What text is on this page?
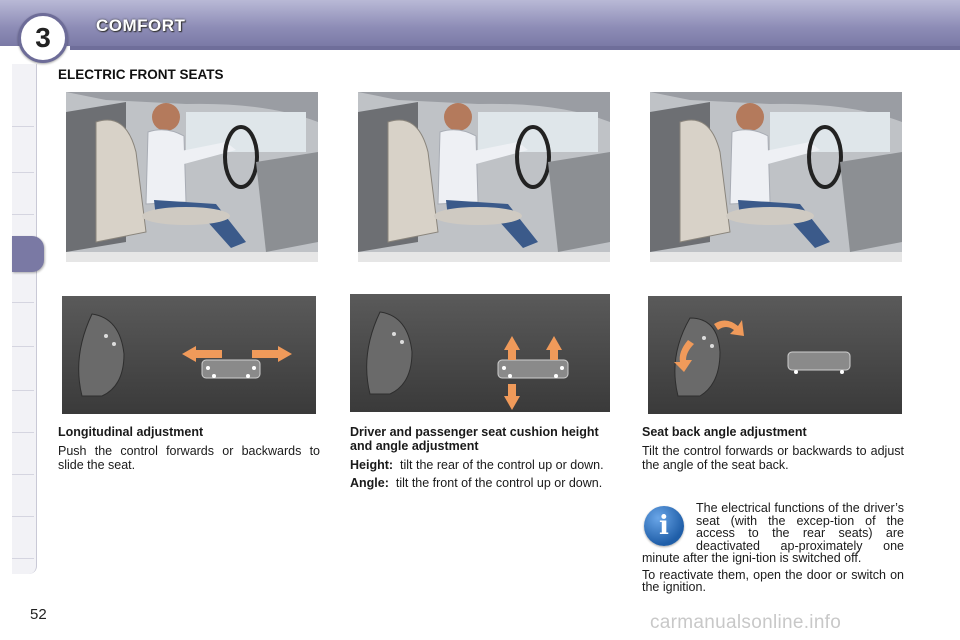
3	COMFORT
ELECTRIC FRONT SEATS
Longitudinal adjustment

Push the control forwards or backwards to slide the seat.

Driver and passenger seat cushion height and angle adjustment

Height: tilt the rear of the control up or down.

Angle: tilt the front of the control up or down.

Seat back angle adjustment

Tilt the control forwards or backwards to adjust the angle of the seat back.

i

The electrical functions of the driver’s seat (with the excep-tion of the access to the rear seats) are deactivated ap-proximately one minute after the igni-tion is switched off.

To reactivate them, open the door or switch on the ignition.

52	carmanualsonline.info
